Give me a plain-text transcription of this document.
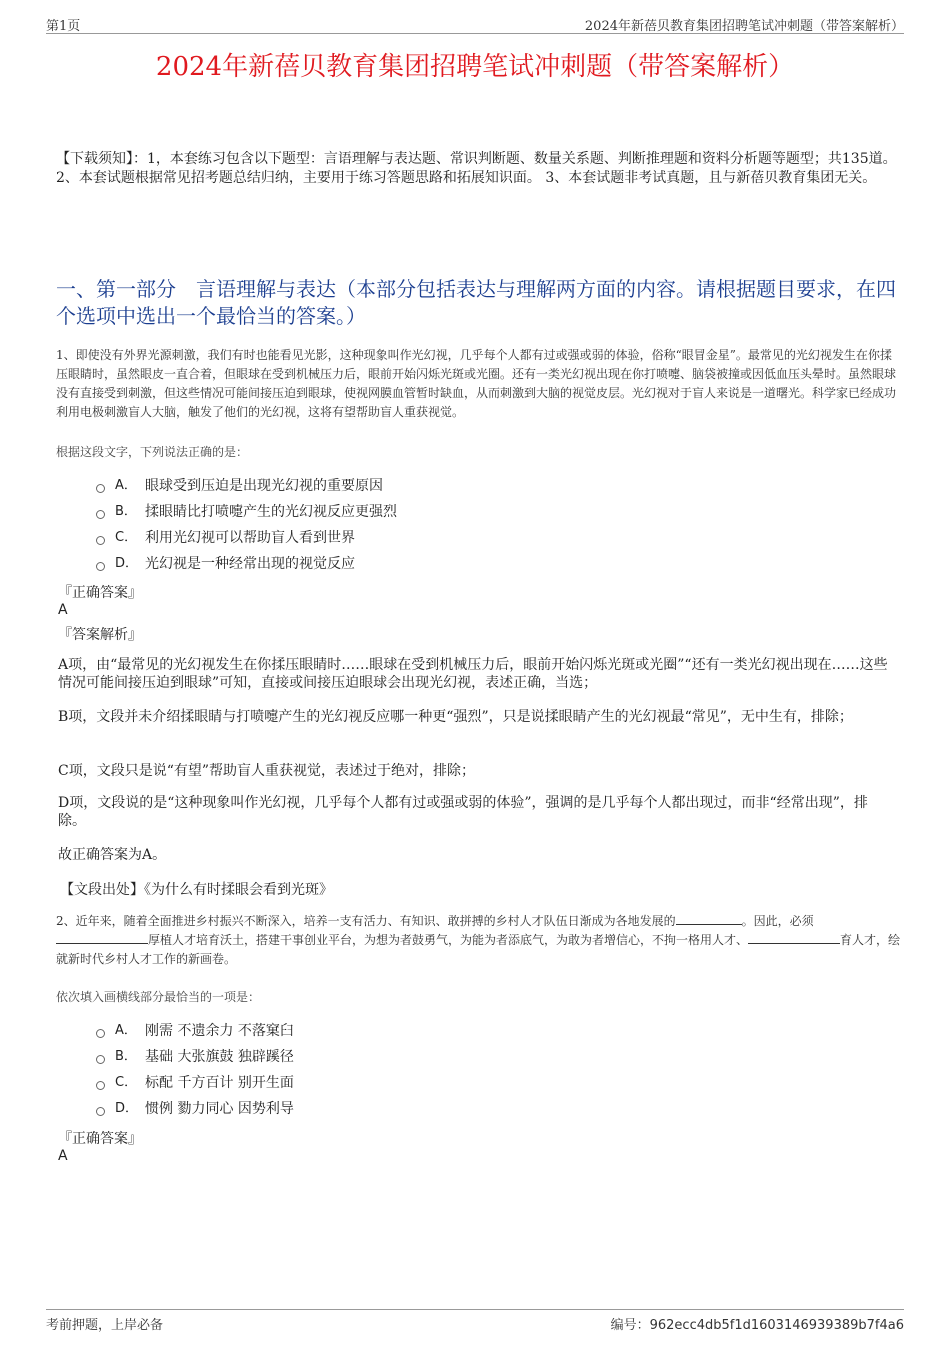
第1页	2024年新蓓贝教育集团招聘笔试冲刺题（带答案解析）
2024年新蓓贝教育集团招聘笔试冲刺题（带答案解析）
【下载须知】：1，本套练习包含以下题型：言语理解与表达题、常识判断题、数量关系题、判断推理题和资料分析题等题型；共135道。 2、本套试题根据常见招考题总结归纳，主要用于练习答题思路和拓展知识面。 3、本套试题非考试真题，且与新蓓贝教育集团无关。
一、第一部分　言语理解与表达（本部分包括表达与理解两方面的内容。请根据题目要求，在四个选项中选出一个最恰当的答案。）
1、即使没有外界光源刺激，我们有时也能看见光影，这种现象叫作光幻视，几乎每个人都有过或强或弱的体验，俗称“眼冒金星”。最常见的光幻视发生在你揉压眼睛时，虽然眼皮一直合着，但眼球在受到机械压力后，眼前开始闪烁光斑或光圈。还有一类光幻视出现在你打喷嚏、脑袋被撞或因低血压头晕时。虽然眼球没有直接受到刺激，但这些情况可能间接压迫到眼球，使视网膜血管暂时缺血，从而刺激到大脑的视觉皮层。光幻视对于盲人来说是一道曙光。科学家已经成功利用电极刺激盲人大脑，触发了他们的光幻视，这将有望帮助盲人重获视觉。
根据这段文字，下列说法正确的是：
A． 眼球受到压迫是出现光幻视的重要原因
B． 揉眼睛比打喷嚏产生的光幻视反应更强烈
C． 利用光幻视可以帮助盲人看到世界
D． 光幻视是一种经常出现的视觉反应
『正确答案』
A
『答案解析』
A项，由“最常见的光幻视发生在你揉压眼睛时……眼球在受到机械压力后，眼前开始闪烁光斑或光圈”“还有一类光幻视出现在……这些情况可能间接压迫到眼球”可知，直接或间接压迫眼球会出现光幻视，表述正确，当选；
B项，文段并未介绍揉眼睛与打喷嚏产生的光幻视反应哪一种更“强烈”，只是说揉眼睛产生的光幻视最“常见”，无中生有，排除；
C项，文段只是说“有望”帮助盲人重获视觉，表述过于绝对，排除；
D项，文段说的是“这种现象叫作光幻视，几乎每个人都有过或强或弱的体验”，强调的是几乎每个人都出现过，而非“经常出现”，排除。
故正确答案为A。
【文段出处】《为什么有时揉眼会看到光斑》
2、近年来，随着全面推进乡村振兴不断深入，培养一支有活力、有知识、敢拼搏的乡村人才队伍日渐成为各地发展的	。因此，必须厚植人才培育沃土，搭建干事创业平台，为想为者鼓勇气，为能为者添底气，为敢为者增信心，不拘一格用人才、	育人才，绘就新时代乡村人才工作的新画卷。
依次填入画横线部分最恰当的一项是：
A． 刚需 不遗余力 不落窠臼
B． 基础 大张旗鼓 独辟蹊径
C． 标配 千方百计 别开生面
D． 惯例 勠力同心 因势利导
『正确答案』
A
考前押题，上岸必备	编号：962ecc4db5f1d1603146939389b7f4a6
